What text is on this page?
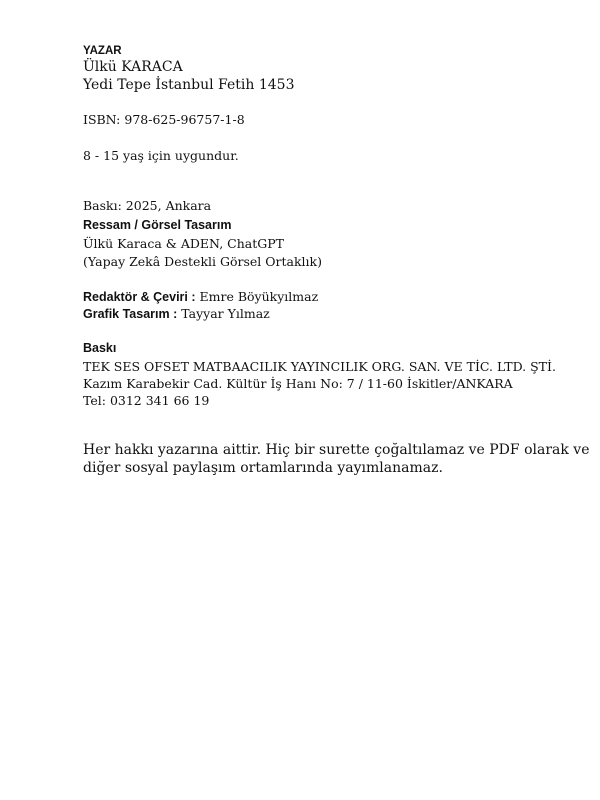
YAZAR
Ülkü KARACA
Yedi Tepe İstanbul Fetih 1453
ISBN: 978-625-96757-1-8
8 - 15 yaş için uygundur.
Baskı: 2025, Ankara
Ressam / Görsel Tasarım
Ülkü Karaca & ADEN, ChatGPT
(Yapay Zekâ Destekli Görsel Ortaklık)
Redaktör & Çeviri : Emre Böyükyılmaz
Grafik Tasarım : Tayyar Yılmaz
Baskı
TEK SES OFSET MATBAACILIK YAYINCILIK ORG. SAN. VE TİC. LTD. ŞTİ.
Kazım Karabekir Cad. Kültür İş Hanı No: 7 / 11-60 İskitler/ANKARA
Tel: 0312 341 66 19
Her hakkı yazarına aittir. Hiç bir surette çoğaltılamaz ve PDF olarak ve
diğer sosyal paylaşım ortamlarında yayımlanamaz.
